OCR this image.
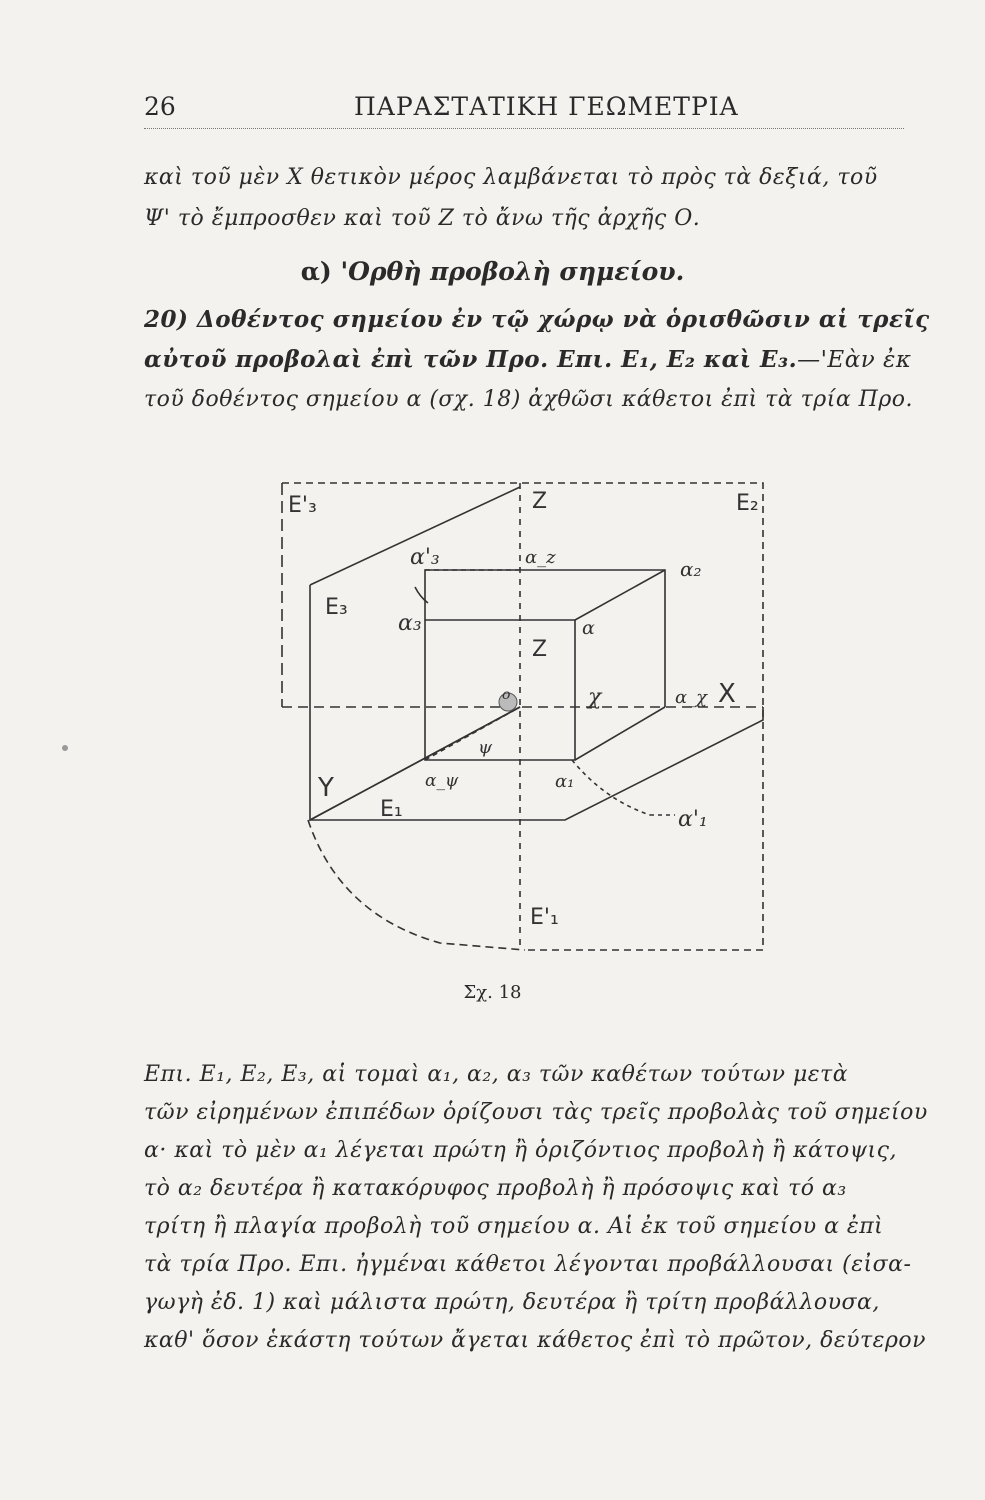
26	ΠΑΡΑΣΤΑΤΙΚΗ ΓΕΩΜΕΤΡΙΑ
καὶ τοῦ μὲν Χ θετικὸν μέρος λαμβάνεται τὸ πρὸς τὰ δεξιά, τοῦ
Ψ' τὸ ἔμπροσθεν καὶ τοῦ Ζ τὸ ἄνω τῆς ἀρχῆς Ο.
α) 'Ορθὴ προβολὴ σημείου.
20) Δοθέντος σημείου ἐν τῷ χώρῳ νὰ ὁρισθῶσιν αἱ τρεῖς
αὐτοῦ προβολαὶ ἐπὶ τῶν Προ. Επι. Ε₁, Ε₂ καὶ Ε₃.—'Εὰν ἐκ
τοῦ δοθέντος σημείου α (σχ. 18) ἀχθῶσι κάθετοι ἐπὶ τὰ τρία Προ.
E'₃	Z	E₂
α'₃	α_z	α₂
E₃
α₃	α
Z
o	χ	α_χ X
ψ
Y	α_ψ	α₁
E₁	α'₁
E'₁
Σχ. 18
Επι. Ε₁, Ε₂, Ε₃, αἱ τομαὶ α₁, α₂, α₃ τῶν καθέτων τούτων μετὰ
τῶν εἰρημένων ἐπιπέδων ὁρίζουσι τὰς τρεῖς προβολὰς τοῦ σημείου
α· καὶ τὸ μὲν α₁ λέγεται πρώτη ἢ ὁριζόντιος προβολὴ ἢ κάτοψις,
τὸ α₂ δευτέρα ἢ κατακόρυφος προβολὴ ἢ πρόσοψις καὶ τό α₃
τρίτη ἢ πλαγία προβολὴ τοῦ σημείου α. Αἱ ἐκ τοῦ σημείου α ἐπὶ
τὰ τρία Προ. Επι. ἠγμέναι κάθετοι λέγονται προβάλλουσαι (εἰσα-
γωγὴ ἐδ. 1) καὶ μάλιστα πρώτη, δευτέρα ἢ τρίτη προβάλλουσα,
καθ' ὅσον ἑκάστη τούτων ἄγεται κάθετος ἐπὶ τὸ πρῶτον, δεύτερον
